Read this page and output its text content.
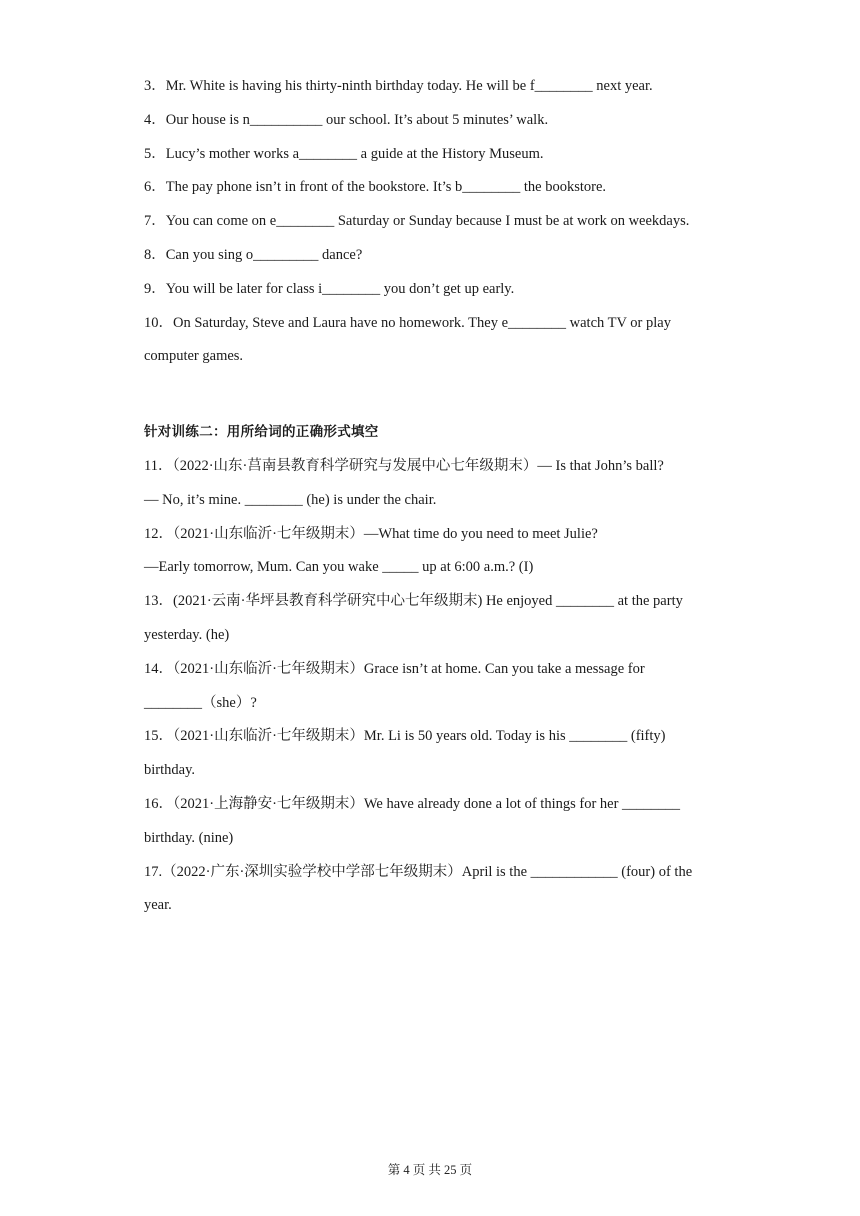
3．Mr. White is having his thirty-ninth birthday today. He will be f________ next year.

4．Our house is n__________ our school. It’s about 5 minutes’ walk.

5．Lucy’s mother works a________ a guide at the History Museum.

6．The pay phone isn’t in front of the bookstore. It’s b________ the bookstore.

7．You can come on e________ Saturday or Sunday because I must be at work on weekdays.

8．Can you sing o_________ dance?

9．You will be later for class i________ you don’t get up early.

10．On Saturday, Steve and Laura have no homework. They e________ watch TV or play

computer games.

针对训练二：用所给词的正确形式填空

11．（2022·山东·莒南县教育科学研究与发展中心七年级期末）— Is that John’s ball?

— No, it’s mine. ________ (he) is under the chair.

12．（2021·山东临沂·七年级期末）—What time do you need to meet Julie?

—Early tomorrow, Mum. Can you wake _____ up at 6:00 a.m.? (I)

13．(2021·云南·华坪县教育科学研究中心七年级期末) He enjoyed ________ at the party

yesterday. (he)

14．（2021·山东临沂·七年级期末）Grace isn’t at home. Can you take a message for

________（she）?

15．（2021·山东临沂·七年级期末）Mr. Li is 50 years old. Today is his ________ (fifty)

birthday.

16．（2021·上海静安·七年级期末）We have already done a lot of things for her ________

birthday. (nine)

17.（2022·广东·深圳实验学校中学部七年级期末）April is the ____________ (four) of the

year.

第 4 页 共 25 页
